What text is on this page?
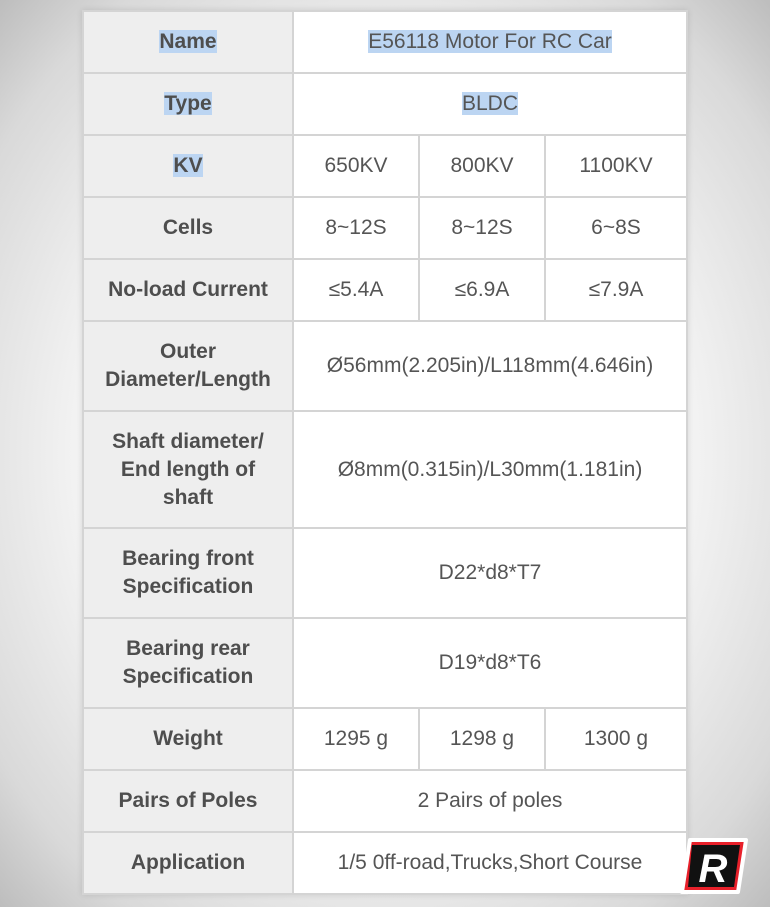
Name	E56118 Motor For RC Car		
Type	BLDC		
KV	650KV	800KV	1100KV
Cells	8~12S	8~12S	6~8S
No-load Current	≤5.4A	≤6.9A	≤7.9A

Outer
Diameter/Length	Ø56mm(2.205in)/L118mm(4.646in)		

Shaft diameter/
End length of
shaft	Ø8mm(0.315in)/L30mm(1.181in)		

Bearing front
Specification	D22*d8*T7		

Bearing rear
Specification	D19*d8*T6		
Weight	1295 g	1298 g	1300 g
Pairs of Poles	2 Pairs of poles		
Application	1/5 0ff-road,Trucks,Short Course		R
